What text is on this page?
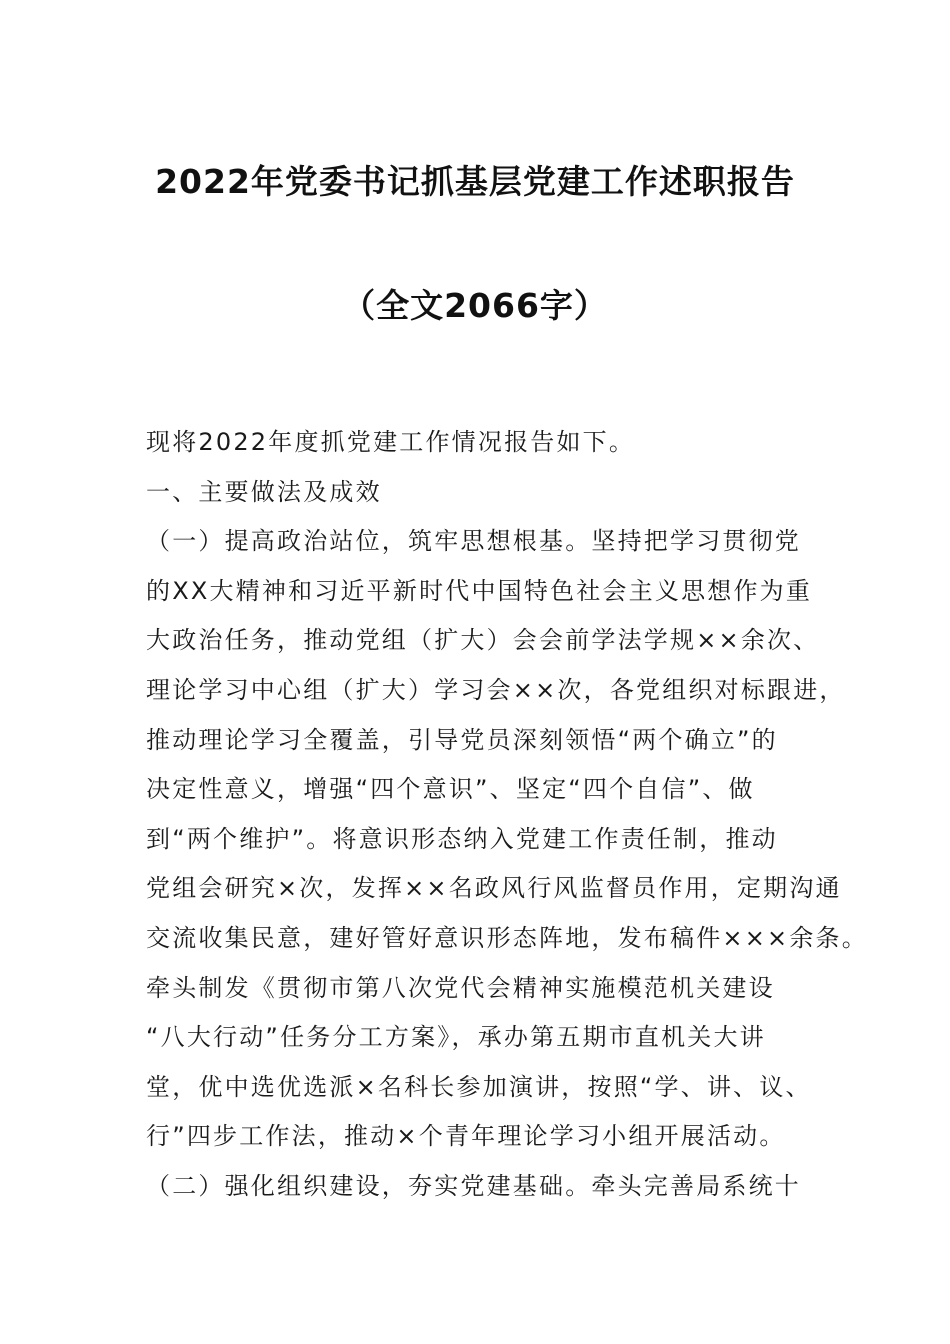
2022年党委书记抓基层党建工作述职报告
（全文2066字）
现将2022年度抓党建工作情况报告如下。
一、主要做法及成效
（一）提高政治站位，筑牢思想根基。坚持把学习贯彻党
的XX大精神和习近平新时代中国特色社会主义思想作为重
大政治任务，推动党组（扩大）会会前学法学规××余次、
理论学习中心组（扩大）学习会××次，各党组织对标跟进，
推动理论学习全覆盖，引导党员深刻领悟“两个确立”的
决定性意义，增强“四个意识”、坚定“四个自信”、做
到“两个维护”。将意识形态纳入党建工作责任制，推动
党组会研究×次，发挥××名政风行风监督员作用，定期沟通
交流收集民意，建好管好意识形态阵地，发布稿件×××余条。
牵头制发《贯彻市第八次党代会精神实施模范机关建设
“八大行动”任务分工方案》，承办第五期市直机关大讲
堂，优中选优选派×名科长参加演讲，按照“学、讲、议、
行”四步工作法，推动×个青年理论学习小组开展活动。
（二）强化组织建设，夯实党建基础。牵头完善局系统十
